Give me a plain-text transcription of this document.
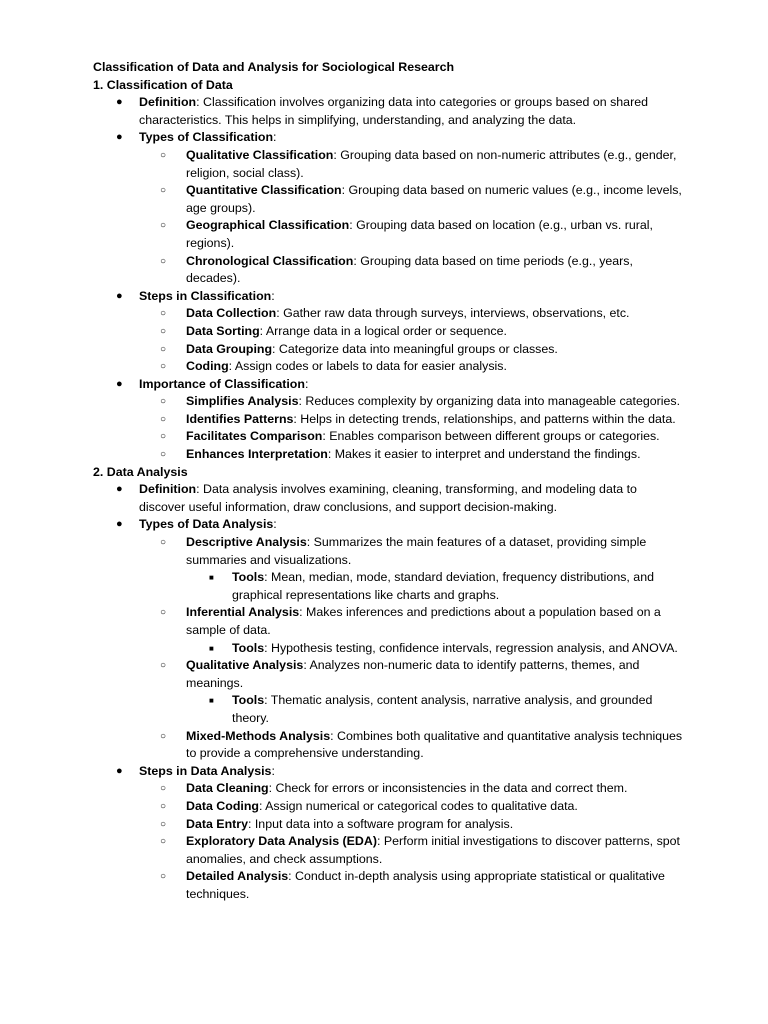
Classification of Data and Analysis for Sociological Research

1. Classification of Data

● Definition: Classification involves organizing data into categories or groups based on shared characteristics. This helps in simplifying, understanding, and analyzing the data.
● Types of Classification:
○ Qualitative Classification: Grouping data based on non-numeric attributes (e.g., gender, religion, social class).
○ Quantitative Classification: Grouping data based on numeric values (e.g., income levels, age groups).
○ Geographical Classification: Grouping data based on location (e.g., urban vs. rural, regions).
○ Chronological Classification: Grouping data based on time periods (e.g., years, decades).
● Steps in Classification:
○ Data Collection: Gather raw data through surveys, interviews, observations, etc.
○ Data Sorting: Arrange data in a logical order or sequence.
○ Data Grouping: Categorize data into meaningful groups or classes.
○ Coding: Assign codes or labels to data for easier analysis.
● Importance of Classification:
○ Simplifies Analysis: Reduces complexity by organizing data into manageable categories.
○ Identifies Patterns: Helps in detecting trends, relationships, and patterns within the data.
○ Facilitates Comparison: Enables comparison between different groups or categories.
○ Enhances Interpretation: Makes it easier to interpret and understand the findings.

2. Data Analysis

● Definition: Data analysis involves examining, cleaning, transforming, and modeling data to discover useful information, draw conclusions, and support decision-making.
● Types of Data Analysis:
○ Descriptive Analysis: Summarizes the main features of a dataset, providing simple summaries and visualizations.
■ Tools: Mean, median, mode, standard deviation, frequency distributions, and graphical representations like charts and graphs.
○ Inferential Analysis: Makes inferences and predictions about a population based on a sample of data.
■ Tools: Hypothesis testing, confidence intervals, regression analysis, and ANOVA.
○ Qualitative Analysis: Analyzes non-numeric data to identify patterns, themes, and meanings.
■ Tools: Thematic analysis, content analysis, narrative analysis, and grounded theory.
○ Mixed-Methods Analysis: Combines both qualitative and quantitative analysis techniques to provide a comprehensive understanding.
● Steps in Data Analysis:
○ Data Cleaning: Check for errors or inconsistencies in the data and correct them.
○ Data Coding: Assign numerical or categorical codes to qualitative data.
○ Data Entry: Input data into a software program for analysis.
○ Exploratory Data Analysis (EDA): Perform initial investigations to discover patterns, spot anomalies, and check assumptions.
○ Detailed Analysis: Conduct in-depth analysis using appropriate statistical or qualitative techniques.
